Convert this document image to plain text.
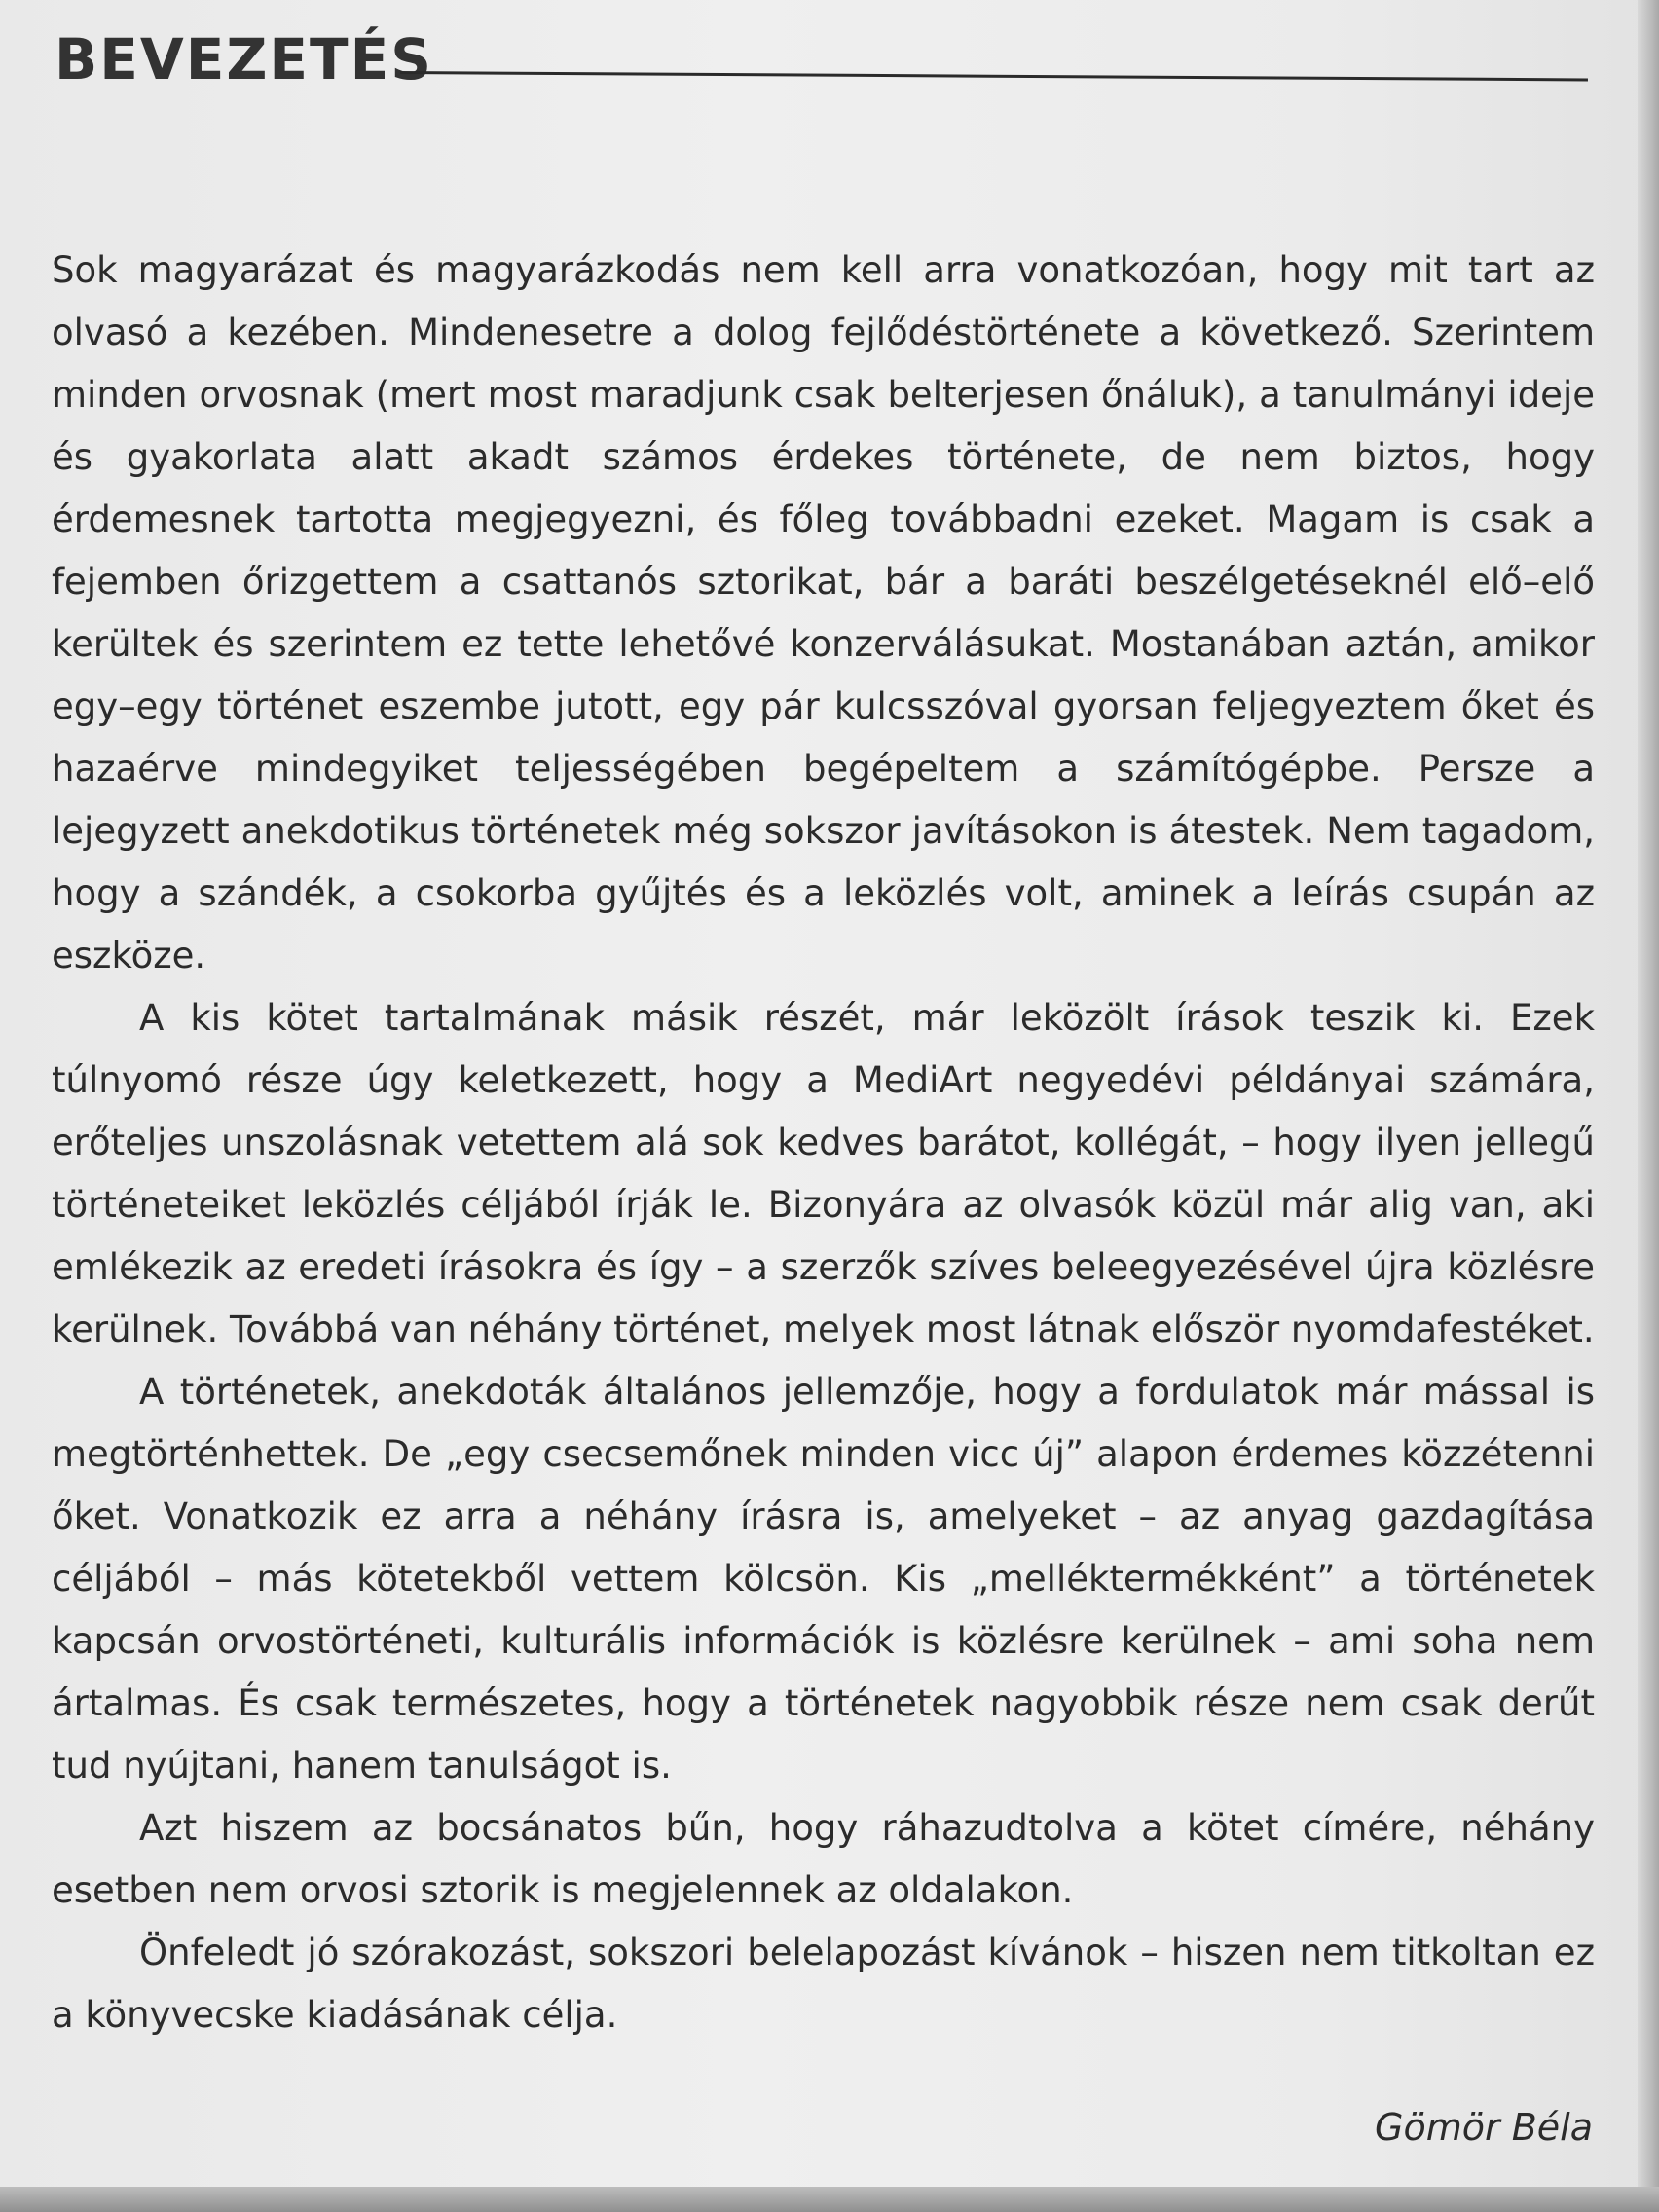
BEVEZETÉS

Sok magyarázat és magyarázkodás nem kell arra vonatkozóan, hogy mit tart az olvasó a kezében. Mindenesetre a dolog fejlődéstörténete a következő. Szerintem minden orvosnak (mert most maradjunk csak belterjesen őnáluk), a tanulmányi ideje és gyakorlata alatt akadt számos érdekes története, de nem biztos, hogy érdemesnek tartotta megjegyezni, és főleg továbbadni ezeket. Magam is csak a fejemben őrizgettem a csattanós sztorikat, bár a baráti beszélgetéseknél elő–elő kerültek és szerintem ez tette lehetővé konzerválásukat. Mostanában aztán, amikor egy–egy történet eszembe jutott, egy pár kulcsszóval gyorsan feljegyeztem őket és hazaérve mindegyiket teljességében begépeltem a számítógépbe. Persze a lejegyzett anekdotikus történetek még sokszor javításokon is átestek. Nem tagadom, hogy a szándék, a csokorba gyűjtés és a leközlés volt, aminek a leírás csupán az eszköze.

A kis kötet tartalmának másik részét, már leközölt írások teszik ki. Ezek túlnyomó része úgy keletkezett, hogy a MediArt negyedévi példányai számára, erőteljes unszolásnak vetettem alá sok kedves barátot, kollégát, – hogy ilyen jellegű történeteiket leközlés céljából írják le. Bizonyára az olvasók közül már alig van, aki emlékezik az eredeti írásokra és így – a szerzők szíves beleegyezésével újra közlésre kerülnek. Továbbá van néhány történet, melyek most látnak először nyomdafestéket.

A történetek, anekdoták általános jellemzője, hogy a fordulatok már mással is megtörténhettek. De „egy csecsemőnek minden vicc új” alapon érdemes közzétenni őket. Vonatkozik ez arra a néhány írásra is, amelyeket – az anyag gazdagítása céljából – más kötetekből vettem kölcsön. Kis „melléktermékként” a történetek kapcsán orvostörténeti, kulturális információk is közlésre kerülnek – ami soha nem ártalmas. És csak természetes, hogy a történetek nagyobbik része nem csak derűt tud nyújtani, hanem tanulságot is.

Azt hiszem az bocsánatos bűn, hogy ráhazudtolva a kötet címére, néhány esetben nem orvosi sztorik is megjelennek az oldalakon.

Önfeledt jó szórakozást, sokszori belelapozást kívánok – hiszen nem titkoltan ez a könyvecske kiadásának célja.

Gömör Béla
